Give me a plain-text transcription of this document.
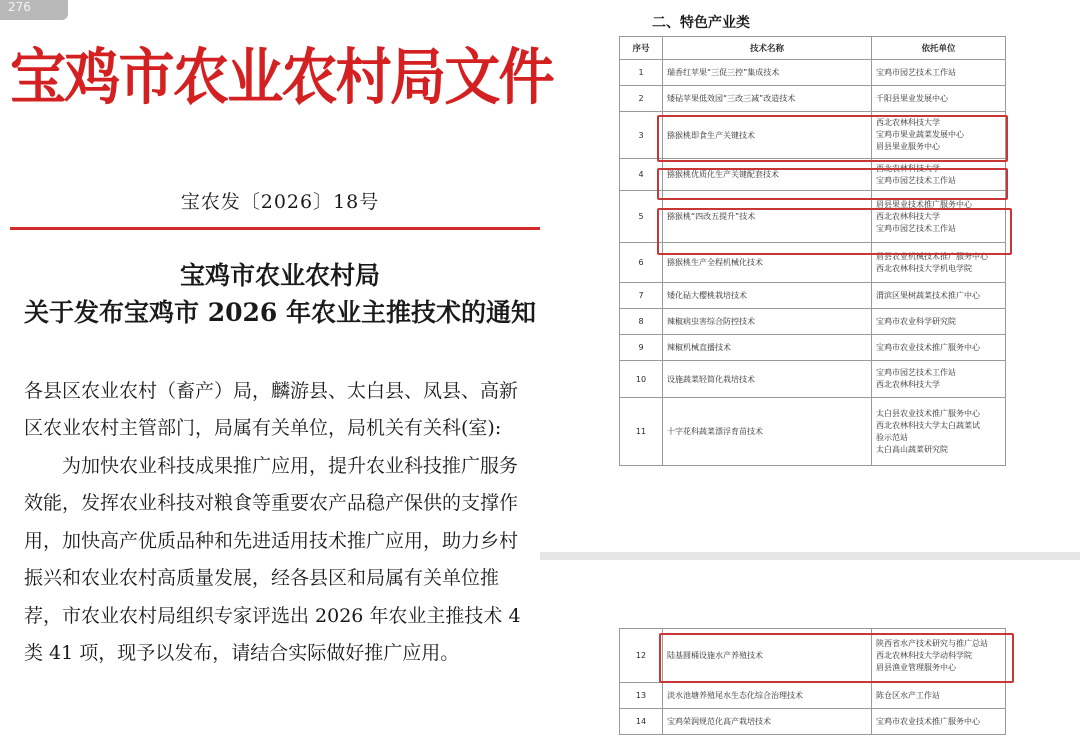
276
宝鸡市农业农村局文件
宝农发〔2026〕18号
宝鸡市农业农村局
关于发布宝鸡市 2026 年农业主推技术的通知
各县区农业农村（畜产）局，麟游县、太白县、凤县、高新
区农业农村主管部门，局属有关单位，局机关有关科(室):
　　为加快农业科技成果推广应用，提升农业科技推广服务
效能，发挥农业科技对粮食等重要农产品稳产保供的支撑作
用，加快高产优质品种和先进适用技术推广应用，助力乡村
振兴和农业农村高质量发展，经各县区和局属有关单位推
荐，市农业农村局组织专家评选出 2026 年农业主推技术 4
类 41 项，现予以发布，请结合实际做好推广应用。
二、特色产业类
序号	技术名称	依托单位
1	瑞香红苹果“三促三控”集成技术	宝鸡市园艺技术工作站

2	矮砧苹果低效园“三改三减”改造技术	千阳县果业发展中心

3	猕猴桃即食生产关键技术	西北农林科技大学
宝鸡市果业蔬菜发展中心
眉县果业服务中心

4	猕猴桃优质化生产关键配套技术	西北农林科技大学
宝鸡市园艺技术工作站

5	猕猴桃“四改五提升”技术	眉县果业技术推广服务中心
西北农林科技大学
宝鸡市园艺技术工作站

6	猕猴桃生产全程机械化技术	眉县农业机械技术推广服务中心
西北农林科技大学机电学院

7	矮化砧大樱桃栽培技术	渭滨区果树蔬菜技术推广中心

8	辣椒病虫害综合防控技术	宝鸡市农业科学研究院

9	辣椒机械直播技术	宝鸡市农业技术推广服务中心

10	设施蔬菜轻简化栽培技术	宝鸡市园艺技术工作站
西北农林科技大学

11	十字花科蔬菜漂浮育苗技术	太白县农业技术推广服务中心
西北农林科技大学太白蔬菜试
验示范站
太白高山蔬菜研究院
12	陆基圆桶设施水产养殖技术	陕西省水产技术研究与推广总站
西北农林科技大学动科学院
眉县渔业管理服务中心

13	淡水池塘养殖尾水生态化综合治理技术	陈仓区水产工作站

14	宝鸡荣润规范化高产栽培技术	宝鸡市农业技术推广服务中心
